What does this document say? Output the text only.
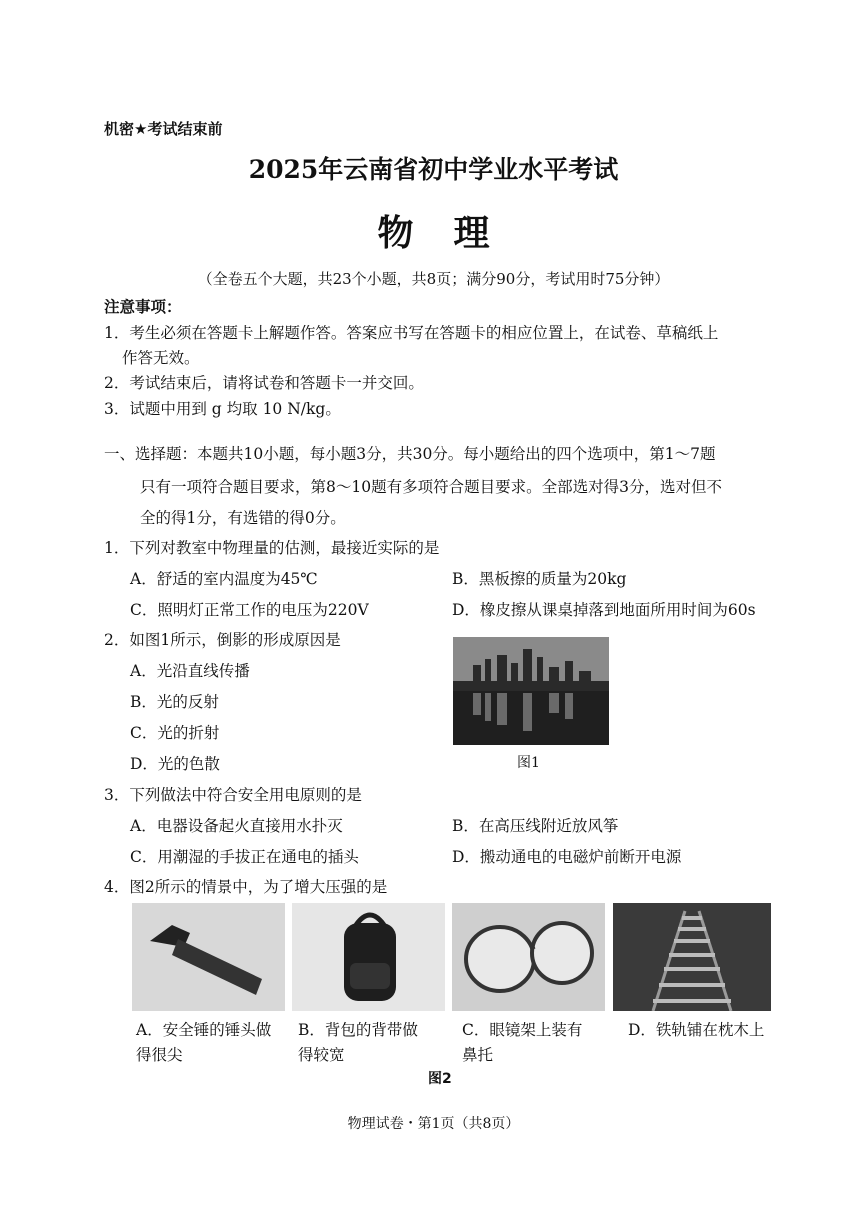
机密★考试结束前
2025年云南省初中学业水平考试
物理
（全卷五个大题，共23个小题，共8页；满分90分，考试用时75分钟）
注意事项：
1．考生必须在答题卡上解题作答。答案应书写在答题卡的相应位置上，在试卷、草稿纸上
作答无效。
2．考试结束后，请将试卷和答题卡一并交回。
3．试题中用到 g 均取 10 N/kg。
一、选择题：本题共10小题，每小题3分，共30分。每小题给出的四个选项中，第1～7题
只有一项符合题目要求，第8～10题有多项符合题目要求。全部选对得3分，选对但不
全的得1分，有选错的得0分。
1．下列对教室中物理量的估测，最接近实际的是
A．舒适的室内温度为45℃	B．黑板擦的质量为20kg
C．照明灯正常工作的电压为220V	D．橡皮擦从课桌掉落到地面所用时间为60s
2．如图1所示，倒影的形成原因是
A．光沿直线传播
B．光的反射
C．光的折射
D．光的色散	图1
3．下列做法中符合安全用电原则的是
A．电器设备起火直接用水扑灭	B．在高压线附近放风筝
C．用潮湿的手拔正在通电的插头	D．搬动通电的电磁炉前断开电源
4．图2所示的情景中，为了增大压强的是
A．安全锤的锤头做得很尖
B．背包的背带做得较宽
C．眼镜架上装有鼻托
D．铁轨铺在枕木上
图2
物理试卷・第1页（共8页）
